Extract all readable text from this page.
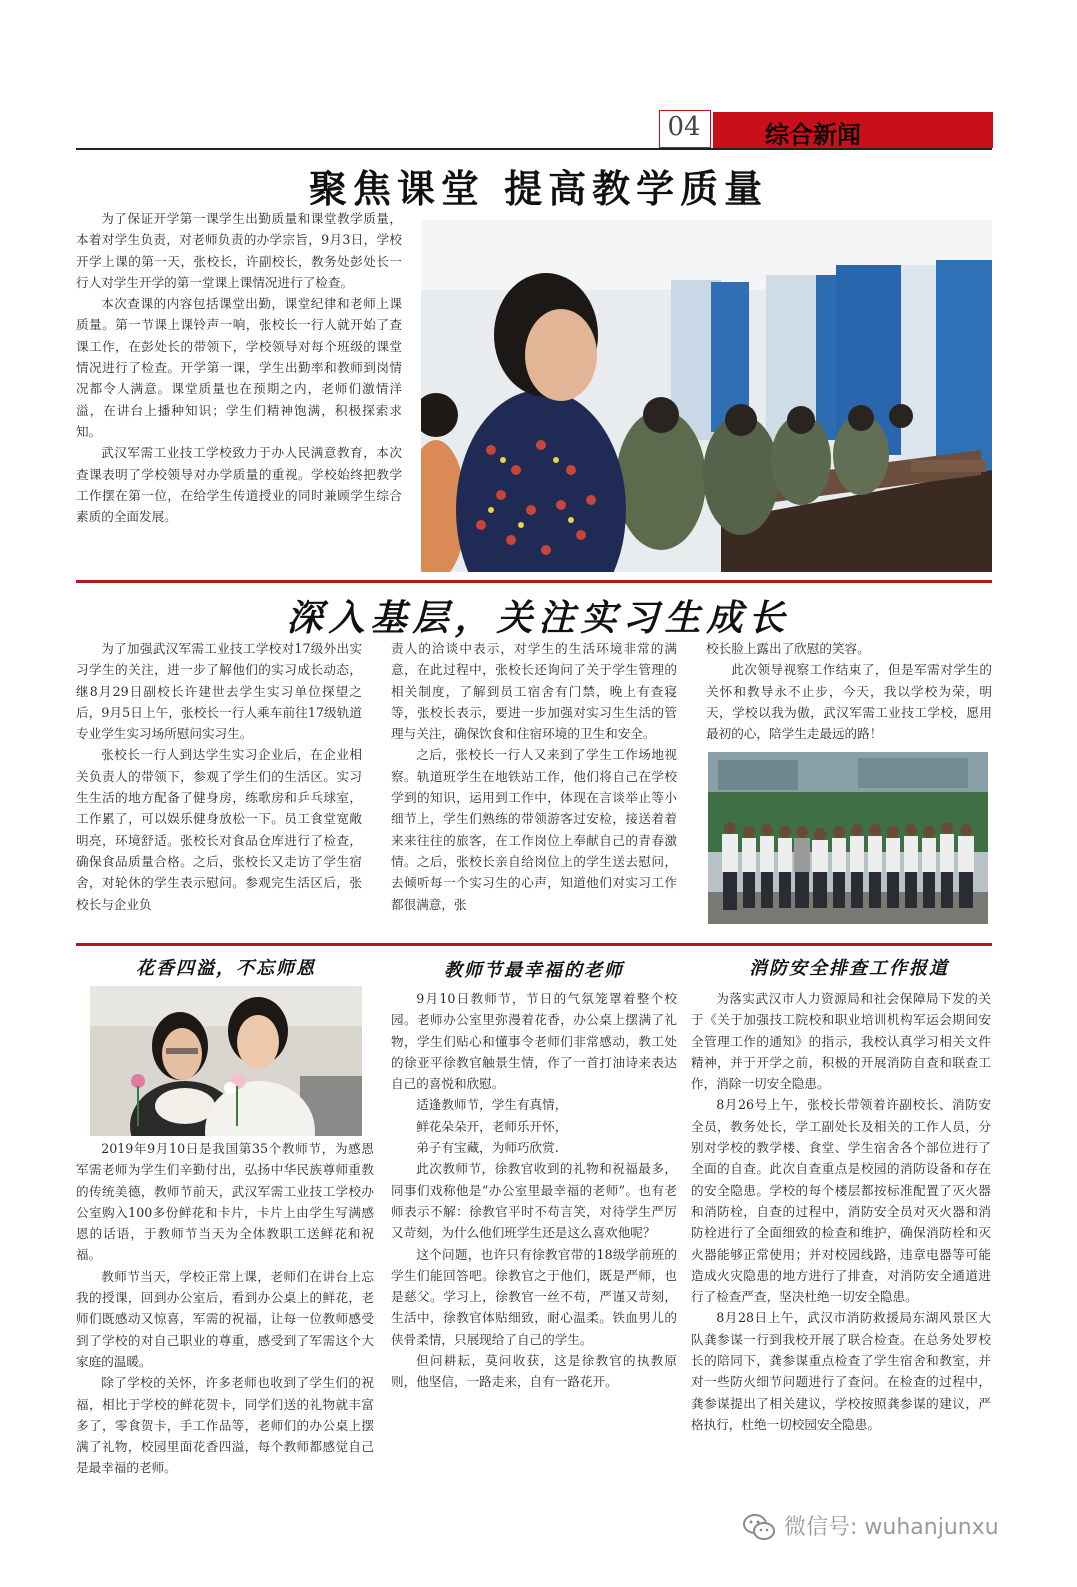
04	综合新闻
聚焦课堂 提高教学质量

为了保证开学第一课学生出勤质量和课堂教学质量，本着对学生负责，对老师负责的办学宗旨，9月3日，学校开学上课的第一天，张校长，许副校长，教务处彭处长一行人对学生开学的第一堂课上课情况进行了检查。

本次查课的内容包括课堂出勤，课堂纪律和老师上课质量。第一节课上课铃声一响，张校长一行人就开始了查课工作，在彭处长的带领下，学校领导对每个班级的课堂情况进行了检查。开学第一课，学生出勤率和教师到岗情况都令人满意。课堂质量也在预期之内，老师们激情洋溢，在讲台上播种知识；学生们精神饱满，积极探索求知。

武汉军需工业技工学校致力于办人民满意教育，本次查课表明了学校领导对办学质量的重视。学校始终把教学工作摆在第一位，在给学生传道授业的同时兼顾学生综合素质的全面发展。

深入基层，关注实习生成长

为了加强武汉军需工业技工学校对17级外出实习学生的关注，进一步了解他们的实习成长动态，继8月29日副校长许建世去学生实习单位探望之后，9月5日上午，张校长一行人乘车前往17级轨道专业学生实习场所慰问实习生。

张校长一行人到达学生实习企业后，在企业相关负责人的带领下，参观了学生们的生活区。实习生生活的地方配备了健身房，练歌房和乒乓球室，工作累了，可以娱乐健身放松一下。员工食堂宽敞明亮，环境舒适。张校长对食品仓库进行了检查，确保食品质量合格。之后，张校长又走访了学生宿舍，对轮休的学生表示慰问。参观完生活区后，张校长与企业负

责人的洽谈中表示，对学生的生活环境非常的满意，在此过程中，张校长还询问了关于学生管理的相关制度，了解到员工宿舍有门禁，晚上有查寝等，张校长表示，要进一步加强对实习生生活的管理与关注，确保饮食和住宿环境的卫生和安全。

之后，张校长一行人又来到了学生工作场地视察。轨道班学生在地铁站工作，他们将自己在学校学到的知识，运用到工作中，体现在言谈举止等小细节上，学生们熟练的带领游客过安检，接送着着来来往往的旅客，在工作岗位上奉献自己的青春激情。之后，张校长亲自给岗位上的学生送去慰问，去倾听每一个实习生的心声，知道他们对实习工作都很满意，张

校长脸上露出了欣慰的笑容。

此次领导视察工作结束了，但是军需对学生的关怀和教导永不止步，今天，我以学校为荣，明天，学校以我为傲，武汉军需工业技工学校，愿用最初的心，陪学生走最远的路！

花香四溢，不忘师恩	教师节最幸福的老师	消防安全排查工作报道

2019年9月10日是我国第35个教师节，为感恩军需老师为学生们辛勤付出，弘扬中华民族尊师重教的传统美德，教师节前天，武汉军需工业技工学校办公室购入100多份鲜花和卡片，卡片上由学生写满感恩的话语，于教师节当天为全体教职工送鲜花和祝福。

教师节当天，学校正常上课，老师们在讲台上忘我的授课，回到办公室后，看到办公桌上的鲜花，老师们既感动又惊喜，军需的祝福，让每一位教师感受到了学校的对自己职业的尊重，感受到了军需这个大家庭的温暖。

除了学校的关怀，许多老师也收到了学生们的祝福，相比于学校的鲜花贺卡，同学们送的礼物就丰富多了，零食贺卡，手工作品等，老师们的办公桌上摆满了礼物，校园里面花香四溢，每个教师都感觉自己是最幸福的老师。

9月10日教师节，节日的气氛笼罩着整个校园。老师办公室里弥漫着花香，办公桌上摆满了礼物，学生们贴心和懂事令老师们非常感动，教工处的徐亚平徐教官触景生情，作了一首打油诗来表达自己的喜悦和欣慰。

适逢教师节，学生有真情，

鲜花朵朵开，老师乐开怀，

弟子有宝藏，为师巧欣赏.

此次教师节，徐教官收到的礼物和祝福最多，同事们戏称他是“办公室里最幸福的老师”。也有老师表示不解：徐教官平时不苟言笑，对待学生严厉又苛刻，为什么他们班学生还是这么喜欢他呢？

这个问题，也许只有徐教官带的18级学前班的学生们能回答吧。徐教官之于他们，既是严师，也是慈父。学习上，徐教官一丝不苟，严谨又苛刻，生活中，徐教官体贴细致，耐心温柔。铁血男儿的侠骨柔情，只展现给了自己的学生。

但问耕耘，莫问收获，这是徐教官的执教原则，他坚信，一路走来，自有一路花开。

为落实武汉市人力资源局和社会保障局下发的关于《关于加强技工院校和职业培训机构军运会期间安全管理工作的通知》的指示，我校认真学习相关文件精神，并于开学之前，积极的开展消防自查和联查工作，消除一切安全隐患。

8月26号上午，张校长带领着许副校长、消防安全员，教务处长，学工副处长及相关的工作人员，分别对学校的教学楼、食堂、学生宿舍各个部位进行了全面的自查。此次自查重点是校园的消防设备和存在的安全隐患。学校的每个楼层都按标准配置了灭火器和消防栓，自查的过程中，消防安全员对灭火器和消防栓进行了全面细致的检查和维护，确保消防栓和灭火器能够正常使用；并对校园线路，违章电器等可能造成火灾隐患的地方进行了排查，对消防安全通道进行了检查严查，坚决杜绝一切安全隐患。

8月28日上午，武汉市消防救援局东湖风景区大队龚参谋一行到我校开展了联合检查。在总务处罗校长的陪同下，龚参谋重点检查了学生宿舍和教室，并对一些防火细节问题进行了查问。在检查的过程中，龚参谋提出了相关建议，学校按照龚参谋的建议，严格执行，杜绝一切校园安全隐患。

微信号: wuhanjunxu
